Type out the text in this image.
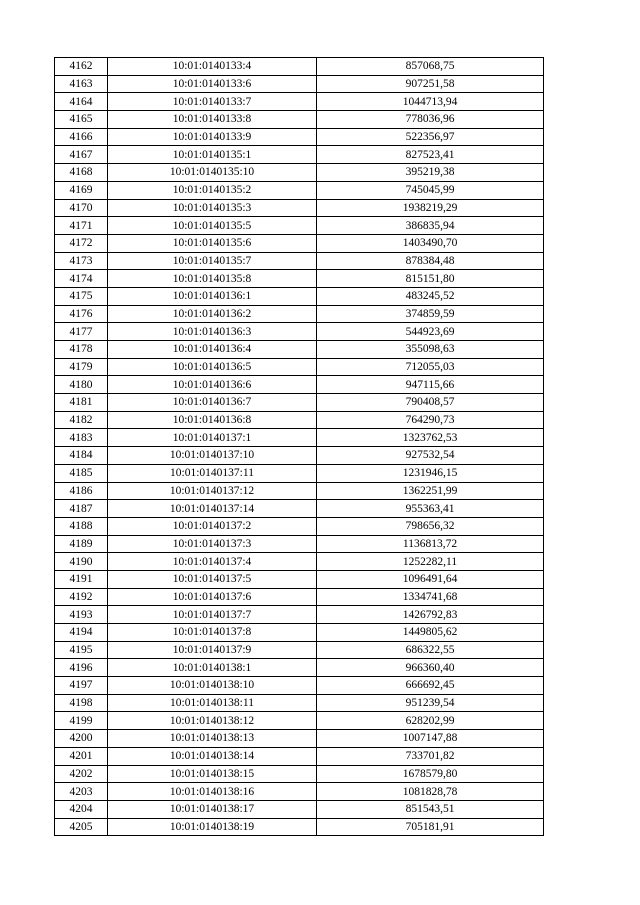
4162	10:01:0140133:4	857068,75
4163	10:01:0140133:6	907251,58
4164	10:01:0140133:7	1044713,94
4165	10:01:0140133:8	778036,96
4166	10:01:0140133:9	522356,97
4167	10:01:0140135:1	827523,41
4168	10:01:0140135:10	395219,38
4169	10:01:0140135:2	745045,99
4170	10:01:0140135:3	1938219,29
4171	10:01:0140135:5	386835,94
4172	10:01:0140135:6	1403490,70
4173	10:01:0140135:7	878384,48
4174	10:01:0140135:8	815151,80
4175	10:01:0140136:1	483245,52
4176	10:01:0140136:2	374859,59
4177	10:01:0140136:3	544923,69
4178	10:01:0140136:4	355098,63
4179	10:01:0140136:5	712055,03
4180	10:01:0140136:6	947115,66
4181	10:01:0140136:7	790408,57
4182	10:01:0140136:8	764290,73
4183	10:01:0140137:1	1323762,53
4184	10:01:0140137:10	927532,54
4185	10:01:0140137:11	1231946,15
4186	10:01:0140137:12	1362251,99
4187	10:01:0140137:14	955363,41
4188	10:01:0140137:2	798656,32
4189	10:01:0140137:3	1136813,72
4190	10:01:0140137:4	1252282,11
4191	10:01:0140137:5	1096491,64
4192	10:01:0140137:6	1334741,68
4193	10:01:0140137:7	1426792,83
4194	10:01:0140137:8	1449805,62
4195	10:01:0140137:9	686322,55
4196	10:01:0140138:1	966360,40
4197	10:01:0140138:10	666692,45
4198	10:01:0140138:11	951239,54
4199	10:01:0140138:12	628202,99
4200	10:01:0140138:13	1007147,88
4201	10:01:0140138:14	733701,82
4202	10:01:0140138:15	1678579,80
4203	10:01:0140138:16	1081828,78
4204	10:01:0140138:17	851543,51
4205	10:01:0140138:19	705181,91
